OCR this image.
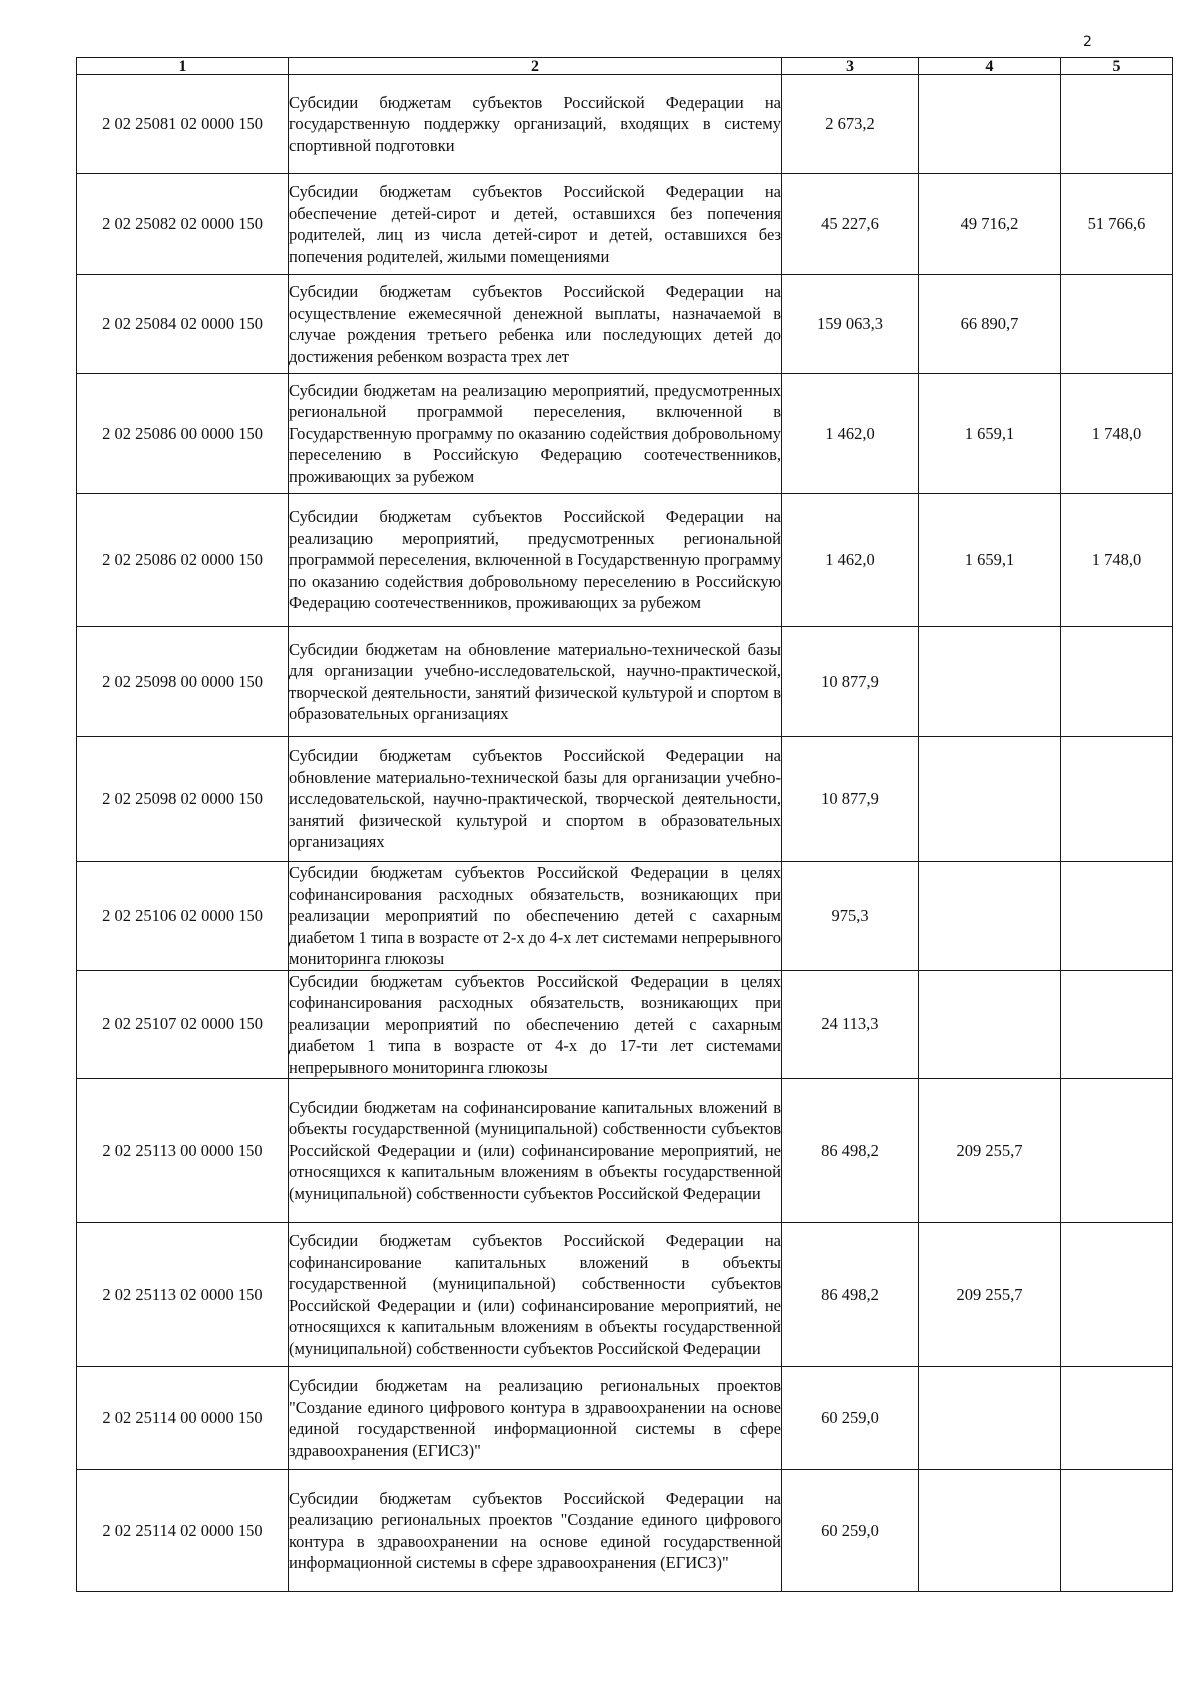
2
1	2	3	4	5
2 02 25081 02 0000 150	Субсидии бюджетам субъектов Российской Федерации на государственную поддержку организаций, входящих в систему спортивной подготовки	2 673,2		
2 02 25082 02 0000 150	Субсидии бюджетам субъектов Российской Федерации на обеспечение детей-сирот и детей, оставшихся без попечения родителей, лиц из числа детей-сирот и детей, оставшихся без попечения родителей, жилыми помещениями	45 227,6	49 716,2	51 766,6
2 02 25084 02 0000 150	Субсидии бюджетам субъектов Российской Федерации на осуществление ежемесячной денежной выплаты, назначаемой в случае рождения третьего ребенка или последующих детей до достижения ребенком возраста трех лет	159 063,3	66 890,7	
2 02 25086 00 0000 150	Субсидии бюджетам на реализацию мероприятий, предусмотренных региональной программой переселения, включенной в Государственную программу по оказанию содействия добровольному переселению в Российскую Федерацию соотечественников, проживающих за рубежом	1 462,0	1 659,1	1 748,0
2 02 25086 02 0000 150	Субсидии бюджетам субъектов Российской Федерации на реализацию мероприятий, предусмотренных региональной программой переселения, включенной в Государственную программу по оказанию содействия добровольному переселению в Российскую Федерацию соотечественников, проживающих за рубежом	1 462,0	1 659,1	1 748,0
2 02 25098 00 0000 150	Субсидии бюджетам на обновление материально-технической базы для организации учебно-исследовательской, научно-практической, творческой деятельности, занятий физической культурой и спортом в образовательных организациях	10 877,9		
2 02 25098 02 0000 150	Субсидии бюджетам субъектов Российской Федерации на обновление материально-технической базы для организации учебно-исследовательской, научно-практической, творческой деятельности, занятий физической культурой и спортом в образовательных организациях	10 877,9		
2 02 25106 02 0000 150	Субсидии бюджетам субъектов Российской Федерации в целях софинансирования расходных обязательств, возникающих при реализации мероприятий по обеспечению детей с сахарным диабетом 1 типа в возрасте от 2-х до 4-х лет системами непрерывного мониторинга глюкозы	975,3		
2 02 25107 02 0000 150	Субсидии бюджетам субъектов Российской Федерации в целях софинансирования расходных обязательств, возникающих при реализации мероприятий по обеспечению детей с сахарным диабетом 1 типа в возрасте от 4-х до 17-ти лет системами непрерывного мониторинга глюкозы	24 113,3		
2 02 25113 00 0000 150	Субсидии бюджетам на софинансирование капитальных вложений в объекты государственной (муниципальной) собственности субъектов Российской Федерации и (или) софинансирование мероприятий, не относящихся к капитальным вложениям в объекты государственной (муниципальной) собственности субъектов Российской Федерации	86 498,2	209 255,7	
2 02 25113 02 0000 150	Субсидии бюджетам субъектов Российской Федерации на софинансирование капитальных вложений в объекты государственной (муниципальной) собственности субъектов Российской Федерации и (или) софинансирование мероприятий, не относящихся к капитальным вложениям в объекты государственной (муниципальной) собственности субъектов Российской Федерации	86 498,2	209 255,7	
2 02 25114 00 0000 150	Субсидии бюджетам на реализацию региональных проектов "Создание единого цифрового контура в здравоохранении на основе единой государственной информационной системы в сфере здравоохранения (ЕГИСЗ)"	60 259,0		
2 02 25114 02 0000 150	Субсидии бюджетам субъектов Российской Федерации на реализацию региональных проектов "Создание единого цифрового контура в здравоохранении на основе единой государственной информационной системы в сфере здравоохранения (ЕГИСЗ)"	60 259,0		
